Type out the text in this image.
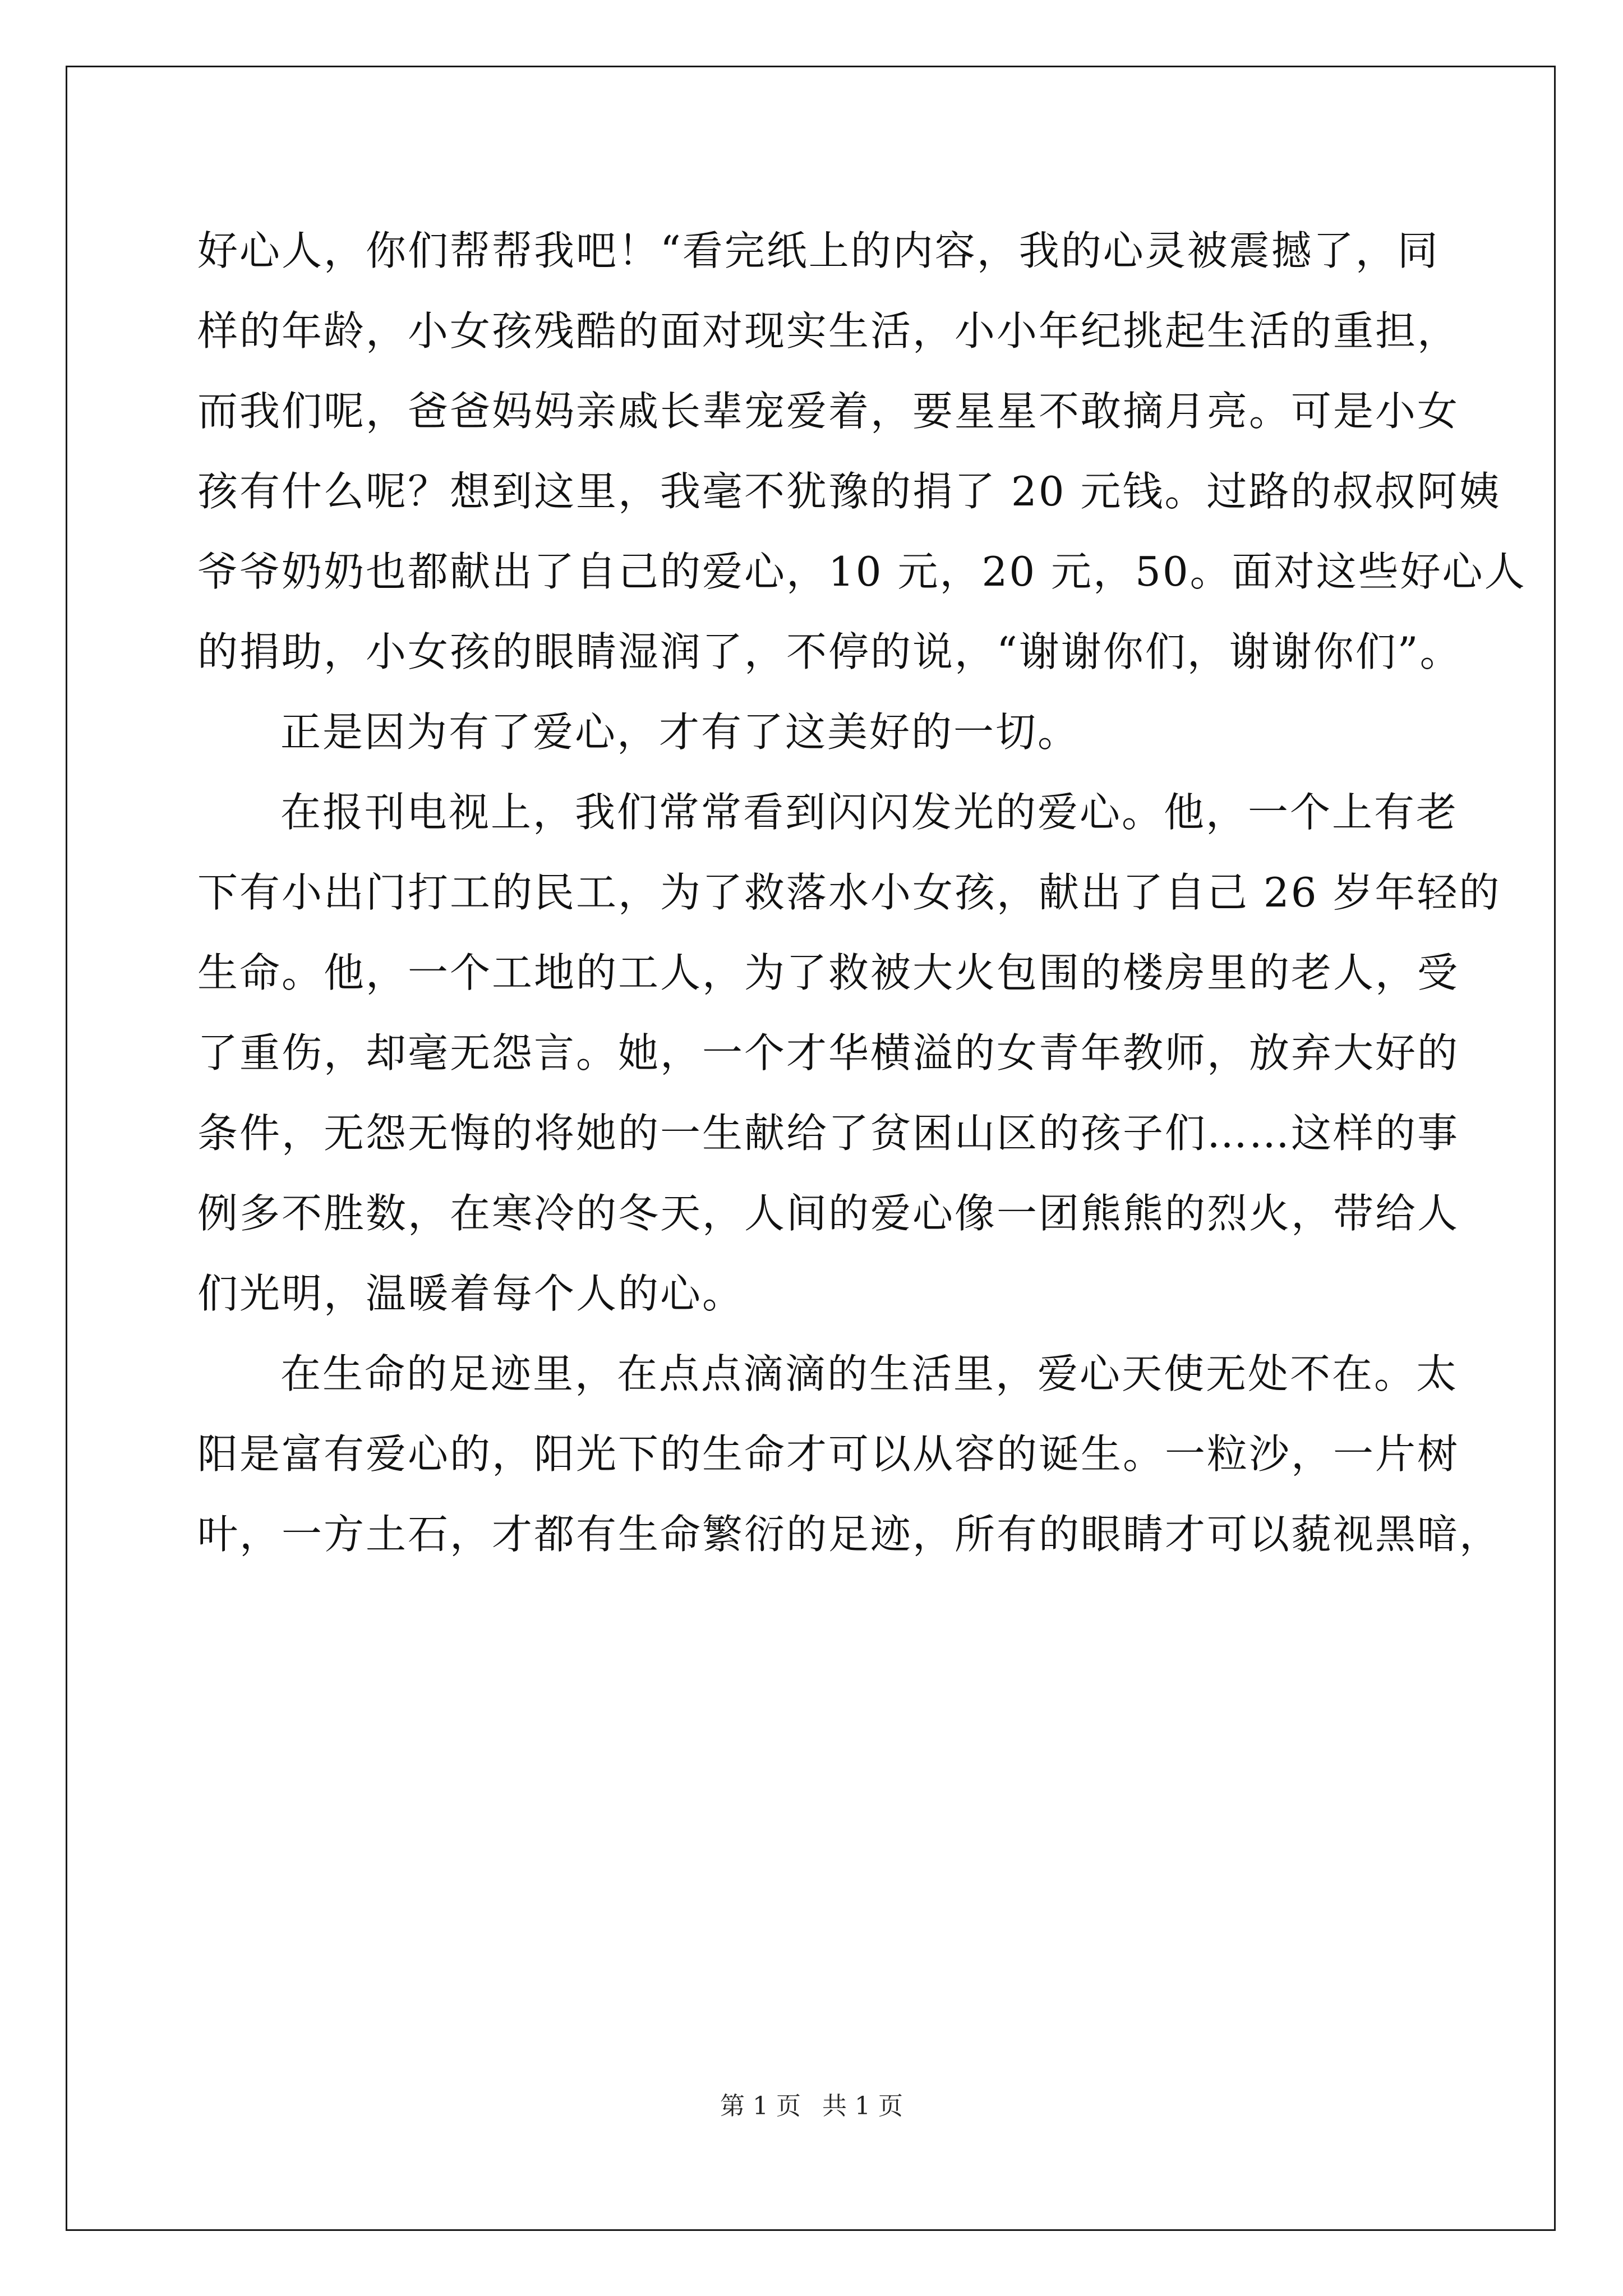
好心人，你们帮帮我吧！“看完纸上的内容，我的心灵被震撼了，同
样的年龄，小女孩残酷的面对现实生活，小小年纪挑起生活的重担，
而我们呢，爸爸妈妈亲戚长辈宠爱着，要星星不敢摘月亮。可是小女
孩有什么呢？想到这里，我毫不犹豫的捐了 20 元钱。过路的叔叔阿姨
爷爷奶奶也都献出了自己的爱心，10 元，20 元，50。面对这些好心人
的捐助，小女孩的眼睛湿润了，不停的说，“谢谢你们，谢谢你们”。
正是因为有了爱心，才有了这美好的一切。
在报刊电视上，我们常常看到闪闪发光的爱心。他，一个上有老
下有小出门打工的民工，为了救落水小女孩，献出了自己 26 岁年轻的
生命。他，一个工地的工人，为了救被大火包围的楼房里的老人，受
了重伤，却毫无怨言。她，一个才华横溢的女青年教师，放弃大好的
条件，无怨无悔的将她的一生献给了贫困山区的孩子们……这样的事
例多不胜数，在寒冷的冬天，人间的爱心像一团熊熊的烈火，带给人
们光明，温暖着每个人的心。
在生命的足迹里，在点点滴滴的生活里，爱心天使无处不在。太
阳是富有爱心的，阳光下的生命才可以从容的诞生。一粒沙，一片树
叶，一方土石，才都有生命繁衍的足迹，所有的眼睛才可以藐视黑暗，
第 1 页 共 1 页
